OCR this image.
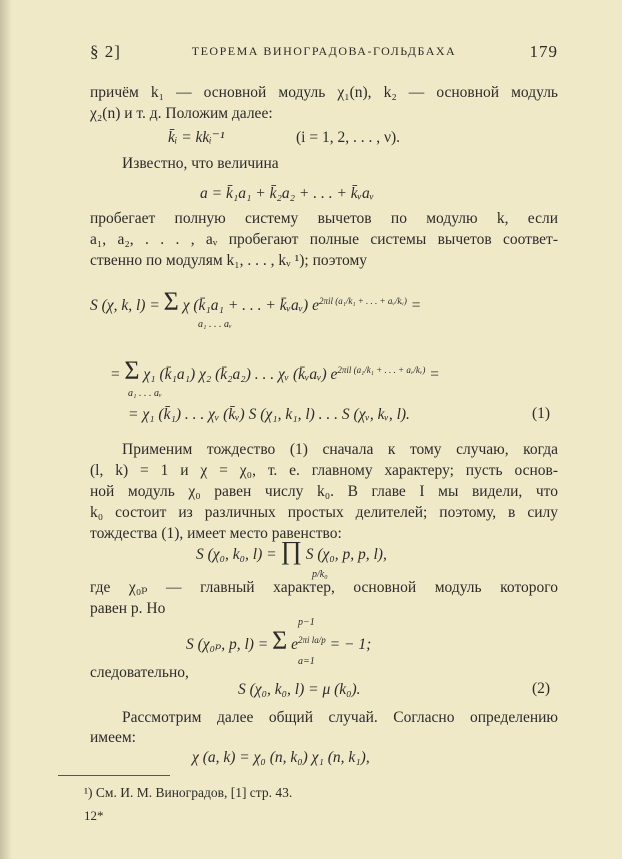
§ 2]	ТЕОРЕМА ВИНОГРАДОВА-ГОЛЬДБАХА	179

причём k₁ — основной модуль χ₁(n), k₂ — основной модуль

χ₂(n) и т. д. Положим далее:

k̄ᵢ = kkᵢ⁻¹	(i = 1, 2, . . . , ν).

Известно, что величина

a = k̄₁a₁ + k̄₂a₂ + . . . + k̄ᵥaᵥ

пробегает полную систему вычетов по модулю k, если

a₁, a₂, . . . , aᵥ пробегают полные системы вычетов соответ-

ственно по модулям k₁, . . . , kᵥ ¹); поэтому

S (χ, k, l) = Σ χ (k̄₁a₁ + . . . + k̄ᵥaᵥ) $e^{2\pi il (a_1/k_1 + . . . + aᵥ/kᵥ)}$ =

a₁ . . . aᵥ

= Σ χ₁ (k̄₁a₁) χ₂ (k̄₂a₂) . . . χᵥ (k̄ᵥaᵥ) $e^{2\pi il (a_1/k_1 + . . . + aᵥ/kᵥ)}$ =

a₁ . . . aᵥ

= χ₁ (k̄₁) . . . χᵥ (k̄ᵥ) S (χ₁, k₁, l) . . . S (χᵥ, kᵥ, l).	(1)

Применим тождество (1) сначала к тому случаю, когда

(l, k) = 1 и χ = χ₀, т. е. главному характеру; пусть основ-

ной модуль χ₀ равен числу k₀. В главе I мы видели, что

k₀ состоит из различных простых делителей; поэтому, в силу

тождества (1), имеет место равенство:

S (χ₀, k₀, l) = ∏ S (χ₀, p, p, l),

p/k₀

где χ₀ₚ — главный характер, основной модуль которого

равен p. Но

p−1

S (χ₀ₚ, p, l) = Σ $e^{2\pi i la/p}$ = − 1;

a=1

следовательно,

S (χ₀, k₀, l) = μ (k₀).	(2)

Рассмотрим далее общий случай. Согласно определению

имеем:

χ (a, k) = χ₀ (n, k₀) χ₁ (n, k₁),

¹) См. И. М. Виноградов, [1] стр. 43.

12*
